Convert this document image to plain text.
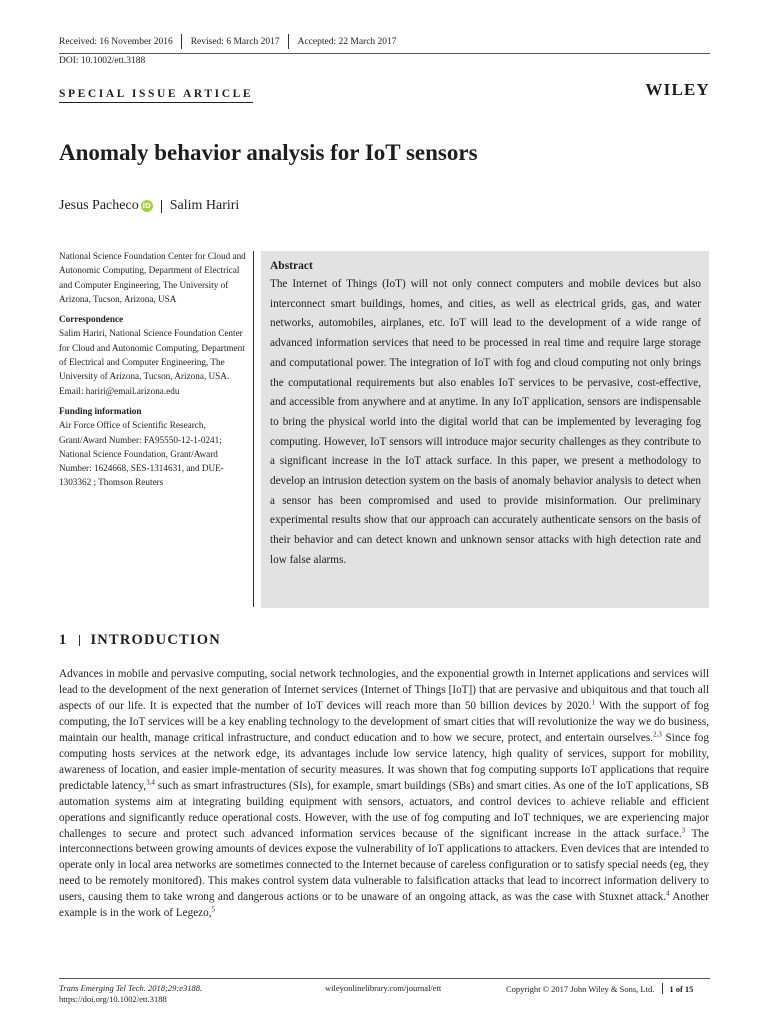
Received: 16 November 2016	Revised: 6 March 2017	Accepted: 22 March 2017
DOI: 10.1002/ett.3188
SPECIAL ISSUE ARTICLE	WILEY
Anomaly behavior analysis for IoT sensors
Jesus Pacheco iD Salim Hariri
National Science Foundation Center for Cloud and Autonomic Computing, Department of Electrical and Computer Engineering, The University of Arizona, Tucson, Arizona, USA
Correspondence
Salim Hariri, National Science Foundation Center for Cloud and Autonomic Computing, Department of Electrical and Computer Engineering, The University of Arizona, Tucson, Arizona, USA.
Email: hariri@email.arizona.edu
Funding information
Air Force Office of Scientific Research, Grant/Award Number: FA95550-12-1-0241; National Science Foundation, Grant/Award Number: 1624668, SES-1314631, and DUE-1303362 ; Thomson Reuters
Abstract
The Internet of Things (IoT) will not only connect computers and mobile devices but also interconnect smart buildings, homes, and cities, as well as electrical grids, gas, and water networks, automobiles, airplanes, etc. IoT will lead to the development of a wide range of advanced information services that need to be processed in real time and require large storage and computational power. The integration of IoT with fog and cloud computing not only brings the computational requirements but also enables IoT services to be pervasive, cost-effective, and accessible from anywhere and at anytime. In any IoT application, sensors are indispensable to bring the physical world into the digital world that can be implemented by leveraging fog computing. However, IoT sensors will introduce major security challenges as they contribute to a significant increase in the IoT attack surface. In this paper, we present a methodology to develop an intrusion detection system on the basis of anomaly behavior analysis to detect when a sensor has been compromised and used to provide misinformation. Our preliminary experimental results show that our approach can accurately authenticate sensors on the basis of their behavior and can detect known and unknown sensor attacks with high detection rate and low false alarms.
1 INTRODUCTION
Advances in mobile and pervasive computing, social network technologies, and the exponential growth in Internet applications and services will lead to the development of the next generation of Internet services (Internet of Things [IoT]) that are pervasive and ubiquitous and that touch all aspects of our life. It is expected that the number of IoT devices will reach more than 50 billion devices by 2020.$^1$ With the support of fog computing, the IoT services will be a key enabling technology to the development of smart cities that will revolutionize the way we do business, maintain our health, manage critical infrastructure, and conduct education and to how we secure, protect, and entertain ourselves.$^{2,3}$ Since fog computing hosts services at the network edge, its advantages include low service latency, high quality of services, support for mobility, awareness of location, and easier imple-mentation of security measures. It was shown that fog computing supports IoT applications that require predictable latency,$^{3,4}$ such as smart infrastructures (SIs), for example, smart buildings (SBs) and smart cities. As one of the IoT applications, SB automation systems aim at integrating building equipment with sensors, actuators, and control devices to achieve reliable and efficient operations and significantly reduce operational costs. However, with the use of fog computing and IoT techniques, we are experiencing major challenges to secure and protect such advanced information services because of the significant increase in the attack surface.$^3$ The interconnections between growing amounts of devices expose the vulnerability of IoT applications to attackers. Even devices that are intended to operate only in local area networks are sometimes connected to the Internet because of careless configuration or to satisfy special needs (eg, they need to be remotely monitored). This makes control system data vulnerable to falsification attacks that lead to incorrect information delivery to users, causing them to take wrong and dangerous actions or to be unaware of an ongoing attack, as was the case with Stuxnet attack.$^4$ Another example is in the work of Legezo,$^5$
Trans Emerging Tel Tech. 2018;29:e3188.
https://doi.org/10.1002/ett.3188
wileyonlinelibrary.com/journal/ett	Copyright © 2017 John Wiley & Sons, Ltd. 1 of 15
